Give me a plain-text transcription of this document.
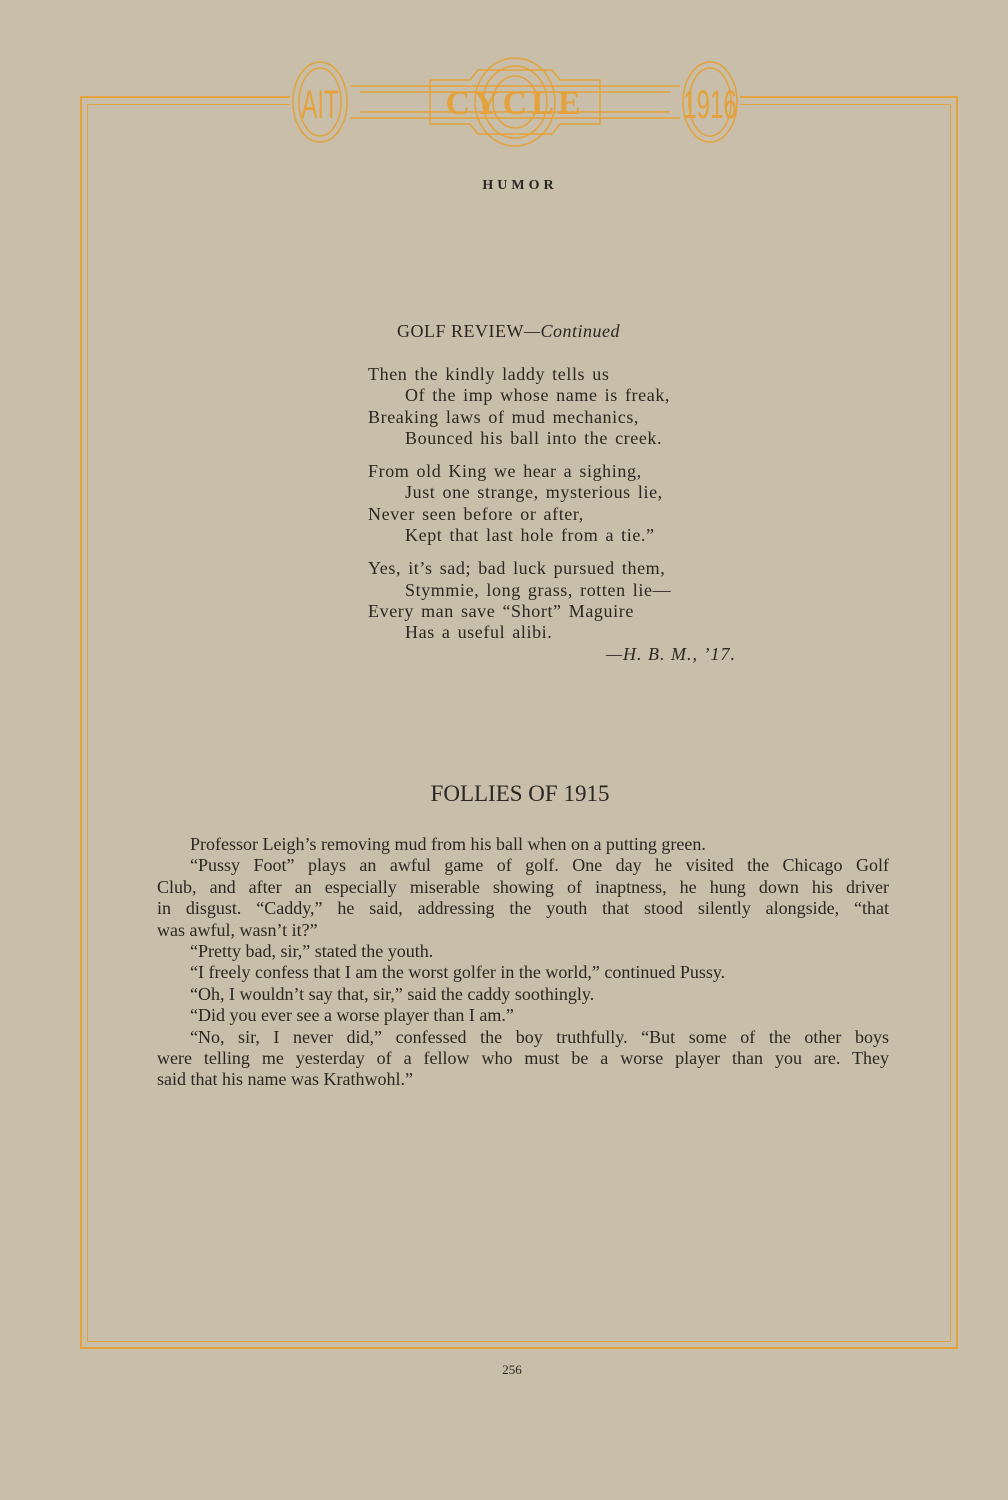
AIT	CYCLE 1916
HUMOR
GOLF REVIEW—Continued
Then the kindly laddy tells us
Of the imp whose name is freak,
Breaking laws of mud mechanics,
Bounced his ball into the creek.
From old King we hear a sighing,
Just one strange, mysterious lie,
Never seen before or after,
Kept that last hole from a tie.”
Yes, it’s sad; bad luck pursued them,
Stymmie, long grass, rotten lie—
Every man save “Short” Maguire
Has a useful alibi.
—H. B. M., ’17.
FOLLIES OF 1915
Professor Leigh’s removing mud from his ball when on a putting green.
“Pussy Foot” plays an awful game of golf. One day he visited the Chicago Golf
Club, and after an especially miserable showing of inaptness, he hung down his driver
in disgust. “Caddy,” he said, addressing the youth that stood silently alongside, “that
was awful, wasn’t it?”
“Pretty bad, sir,” stated the youth.
“I freely confess that I am the worst golfer in the world,” continued Pussy.
“Oh, I wouldn’t say that, sir,” said the caddy soothingly.
“Did you ever see a worse player than I am.”
“No, sir, I never did,” confessed the boy truthfully. “But some of the other boys
were telling me yesterday of a fellow who must be a worse player than you are. They
said that his name was Krathwohl.”
256
